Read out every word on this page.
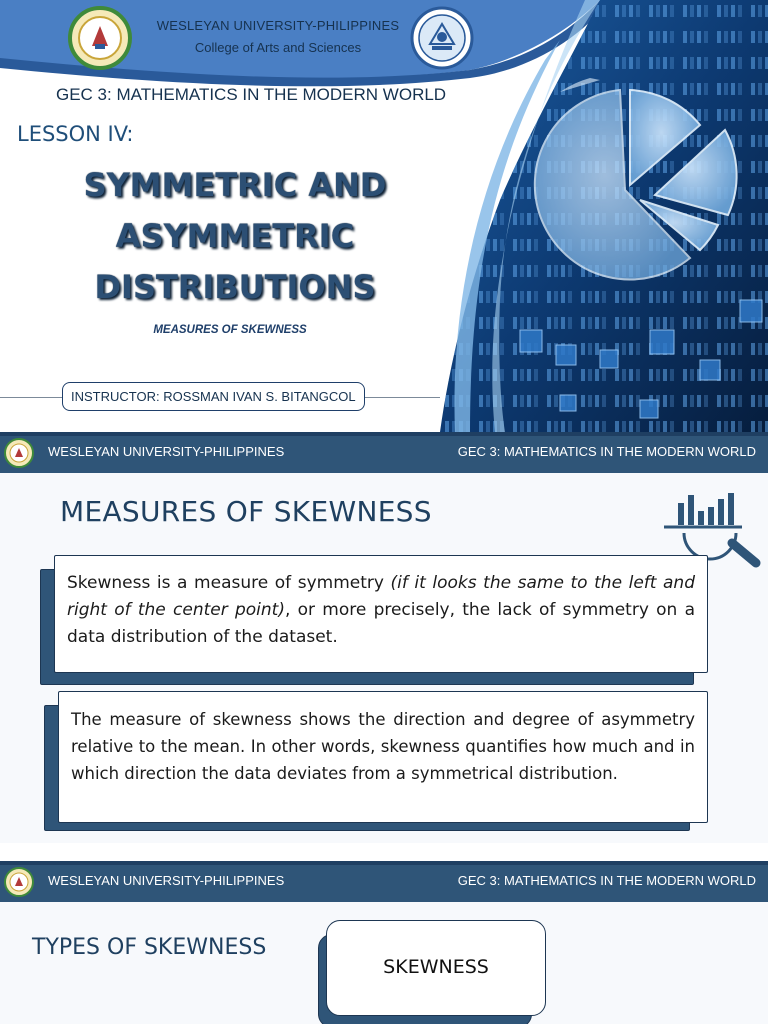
WESLEYAN UNIVERSITY-PHILIPPINES
College of Arts and Sciences
GEC 3: MATHEMATICS IN THE MODERN WORLD
LESSON IV:
SYMMETRIC AND
ASYMMETRIC
DISTRIBUTIONS
MEASURES OF SKEWNESS
INSTRUCTOR: ROSSMAN IVAN S. BITANGCOL
WESLEYAN UNIVERSITY-PHILIPPINES	GEC 3: MATHEMATICS IN THE MODERN WORLD
MEASURES OF SKEWNESS
Skewness is a measure of symmetry (if it looks the same to the left and right of the center point), or more precisely, the lack of symmetry on a data distribution of the dataset.
The measure of skewness shows the direction and degree of asymmetry relative to the mean. In other words, skewness quantifies how much and in which direction the data deviates from a symmetrical distribution.
WESLEYAN UNIVERSITY-PHILIPPINES	GEC 3: MATHEMATICS IN THE MODERN WORLD
TYPES OF SKEWNESS
SKEWNESS
